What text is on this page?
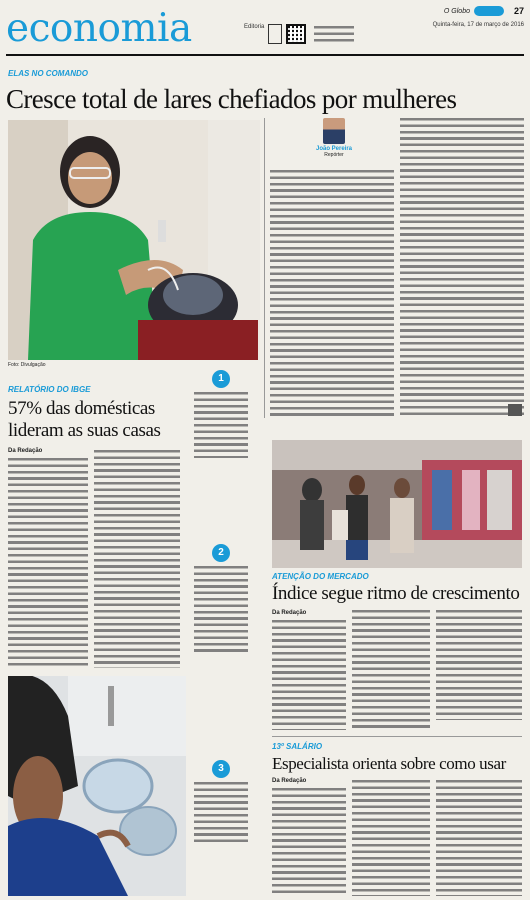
economia	Editoria
O Globo	27
Quinta-feira, 17 de março de 2016
ELAS NO COMANDO
Cresce total de lares chefiados por mulheres
Foto: Divulgação
João Pereira
Repórter
RELATÓRIO DO IBGE
57% das domésticas lideram as suas casas
Da Redação
1
2
3
ATENÇÃO DO MERCADO
Índice segue ritmo de crescimento
Da Redação
13º SALÁRIO
Especialista orienta sobre como usar
Da Redação
